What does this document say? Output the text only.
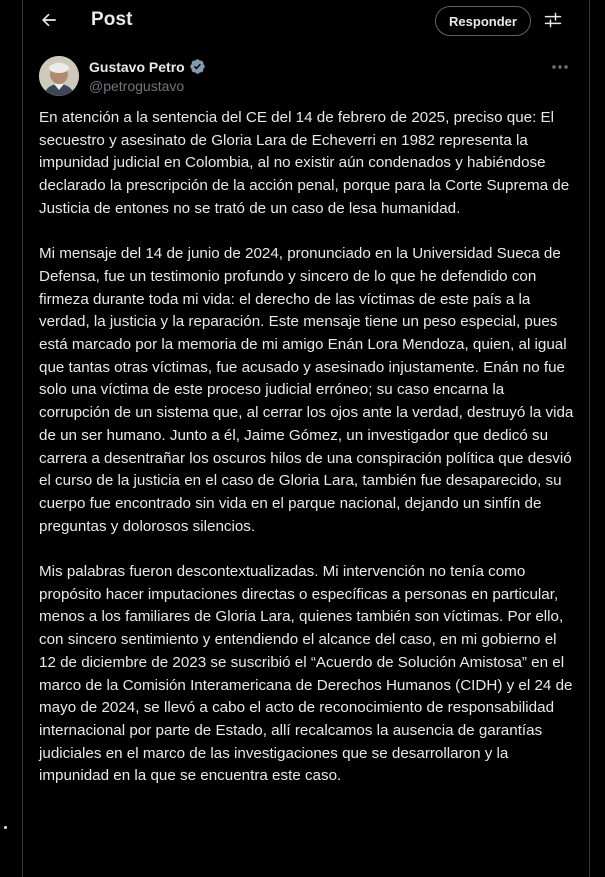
Post	Responder
Gustavo Petro
@petrogustavo

En atención a la sentencia del CE del 14 de febrero de 2025, preciso que: El secuestro y asesinato de Gloria Lara de Echeverri en 1982 representa la impunidad judicial en Colombia, al no existir aún condenados y habiéndose declarado la prescripción de la acción penal, porque para la Corte Suprema de Justicia de entones no se trató de un caso de lesa humanidad.

Mi mensaje del 14 de junio de 2024, pronunciado en la Universidad Sueca de Defensa, fue un testimonio profundo y sincero de lo que he defendido con firmeza durante toda mi vida: el derecho de las víctimas de este país a la verdad, la justicia y la reparación. Este mensaje tiene un peso especial, pues está marcado por la memoria de mi amigo Enán Lora Mendoza, quien, al igual que tantas otras víctimas, fue acusado y asesinado injustamente. Enán no fue solo una víctima de este proceso judicial erróneo; su caso encarna la corrupción de un sistema que, al cerrar los ojos ante la verdad, destruyó la vida de un ser humano. Junto a él, Jaime Gómez, un investigador que dedicó su carrera a desentrañar los oscuros hilos de una conspiración política que desvió el curso de la justicia en el caso de Gloria Lara, también fue desaparecido, su cuerpo fue encontrado sin vida en el parque nacional, dejando un sinfín de preguntas y dolorosos silencios.

Mis palabras fueron descontextualizadas. Mi intervención no tenía como propósito hacer imputaciones directas o específicas a personas en particular, menos a los familiares de Gloria Lara, quienes también son víctimas. Por ello, con sincero sentimiento y entendiendo el alcance del caso, en mi gobierno el 12 de diciembre de 2023 se suscribió el “Acuerdo de Solución Amistosa” en el marco de la Comisión Interamericana de Derechos Humanos (CIDH) y el 24 de mayo de 2024, se llevó a cabo el acto de reconocimiento de responsabilidad internacional por parte de Estado, allí recalcamos la ausencia de garantías judiciales en el marco de las investigaciones que se desarrollaron y la impunidad en la que se encuentra este caso.
